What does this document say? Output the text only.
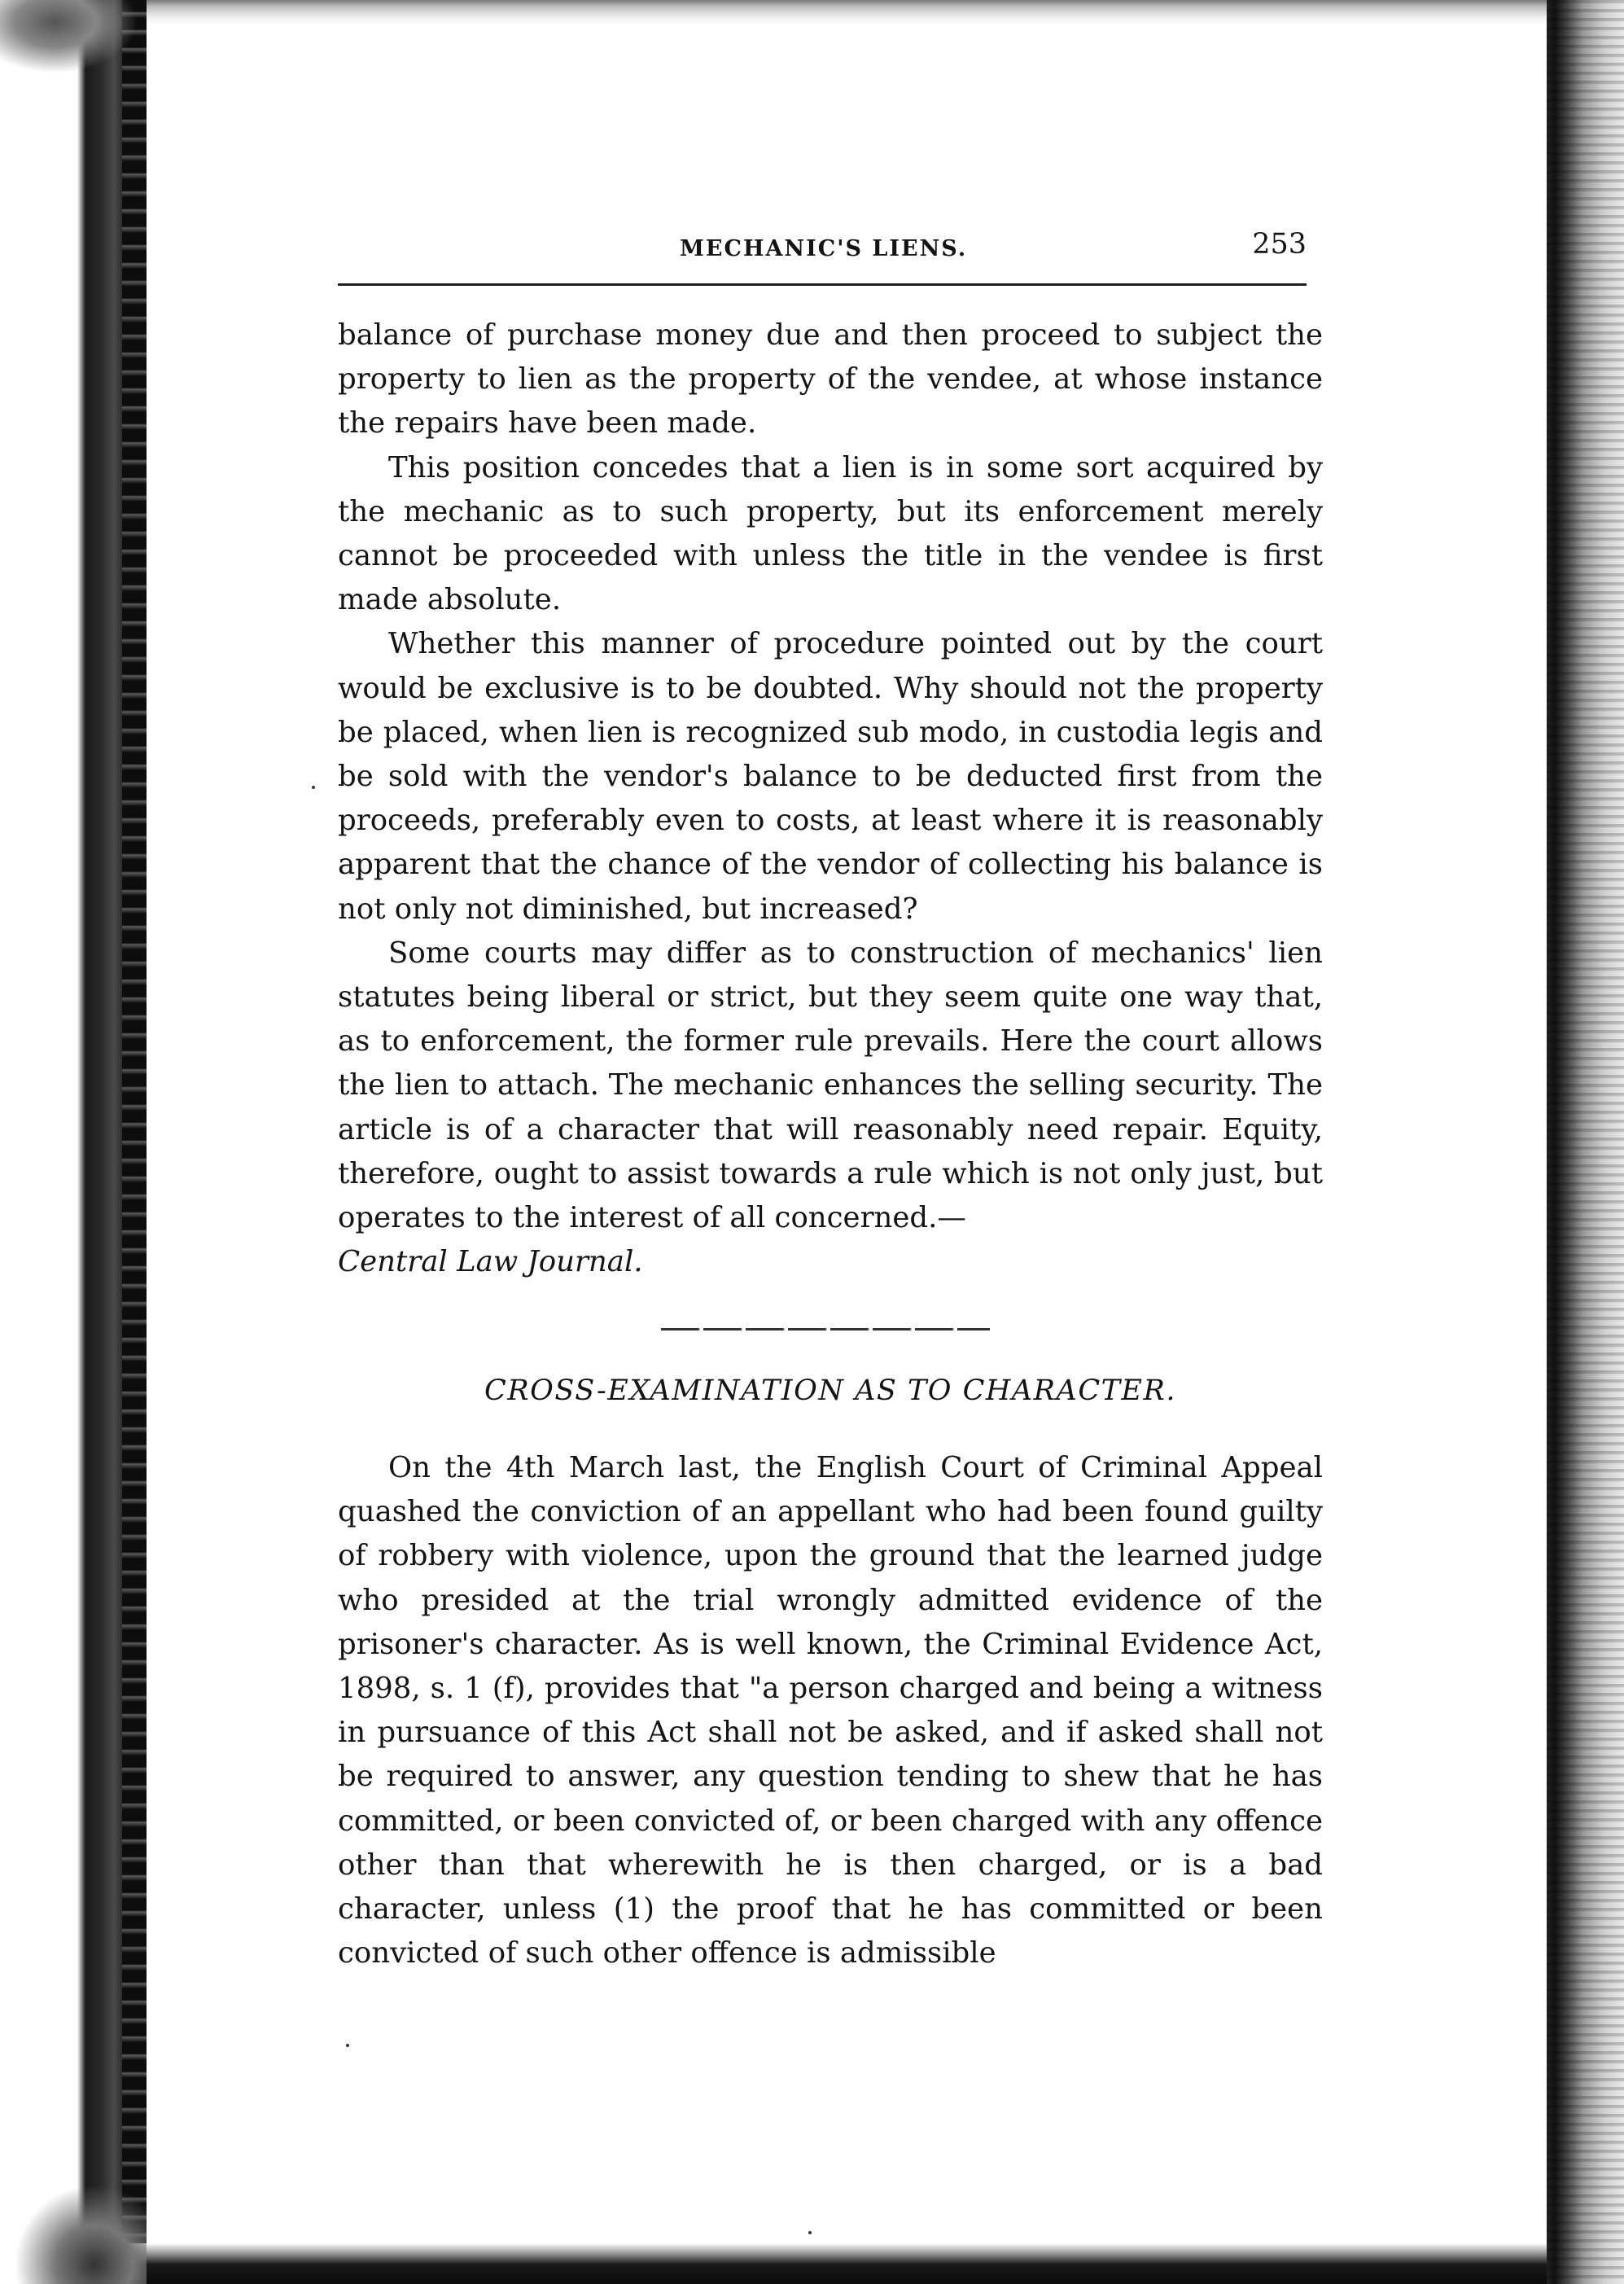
MECHANIC'S LIENS.	253

balance of purchase money due and then proceed to subject the property to lien as the property of the vendee, at whose instance the repairs have been made.

This position concedes that a lien is in some sort acquired by the mechanic as to such property, but its enforcement merely cannot be proceeded with unless the title in the vendee is first made absolute.

Whether this manner of procedure pointed out by the court would be exclusive is to be doubted. Why should not the property be placed, when lien is recognized sub modo, in custodia legis and be sold with the vendor's balance to be deducted first from the proceeds, preferably even to costs, at least where it is reasonably apparent that the chance of the vendor of collecting his balance is not only not diminished, but increased?

Some courts may differ as to construction of mechanics' lien statutes being liberal or strict, but they seem quite one way that, as to enforcement, the former rule prevails. Here the court allows the lien to attach. The mechanic enhances the selling security. The article is of a character that will reasonably need repair. Equity, therefore, ought to assist towards a rule which is not only just, but operates to the interest of all concerned.—

Central Law Journal.

CROSS-EXAMINATION AS TO CHARACTER.

On the 4th March last, the English Court of Criminal Appeal quashed the conviction of an appellant who had been found guilty of robbery with violence, upon the ground that the learned judge who presided at the trial wrongly admitted evidence of the prisoner's character. As is well known, the Criminal Evidence Act, 1898, s. 1 (f), provides that "a person charged and being a witness in pursuance of this Act shall not be asked, and if asked shall not be required to answer, any question tending to shew that he has committed, or been convicted of, or been charged with any offence other than that wherewith he is then charged, or is a bad character, unless (1) the proof that he has committed or been convicted of such other offence is admissible
